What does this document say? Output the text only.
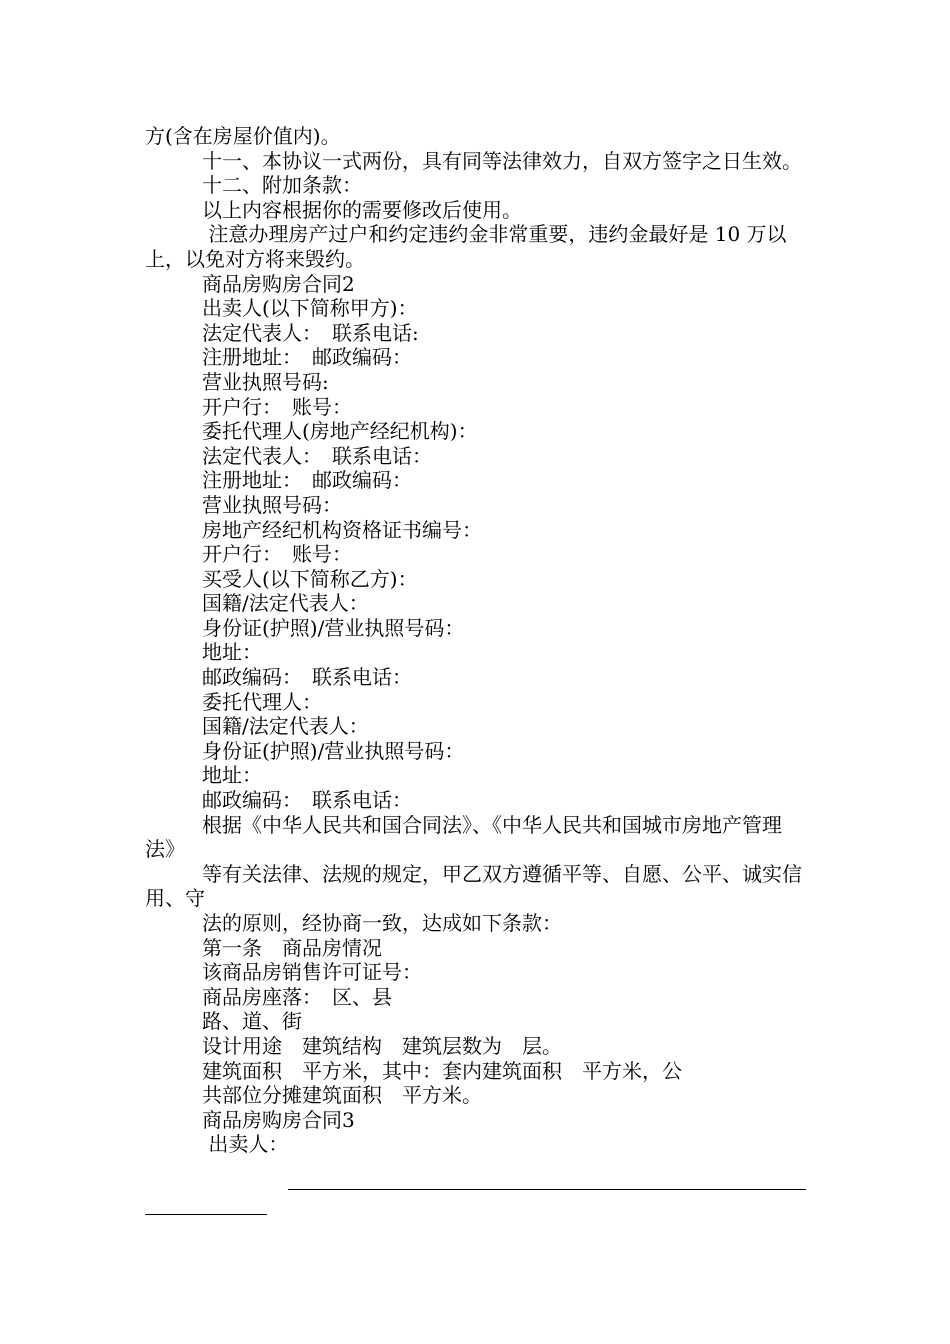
方(含在房屋价值内)。

十一、本协议一式两份，具有同等法律效力，自双方签字之日生效。

十二、附加条款：

以上内容根据你的需要修改后使用。

注意办理房产过户和约定违约金非常重要，违约金最好是 10 万以上，以免对方将来毁约。

商品房购房合同2

出卖人(以下简称甲方)：

法定代表人：　联系电话:

注册地址：　邮政编码：

营业执照号码:

开户行：　账号：

委托代理人(房地产经纪机构)：

法定代表人：　联系电话：

注册地址：　邮政编码：

营业执照号码：

房地产经纪机构资格证书编号：

开户行：　账号：

买受人(以下简称乙方)：

国籍/法定代表人：

身份证(护照)/营业执照号码：

地址：

邮政编码：　联系电话：

委托代理人：

国籍/法定代表人：

身份证(护照)/营业执照号码：

地址：

邮政编码：　联系电话：

根据《中华人民共和国合同法》、《中华人民共和国城市房地产管理法》

等有关法律、法规的规定，甲乙双方遵循平等、自愿、公平、诚实信用、守

法的原则，经协商一致，达成如下条款：

第一条　商品房情况

该商品房销售许可证号：

商品房座落：　区、县

路、道、街

设计用途　建筑结构　建筑层数为　层。

建筑面积　平方米，其中：套内建筑面积　平方米，公

共部位分摊建筑面积　平方米。

商品房购房合同3

出卖人：
